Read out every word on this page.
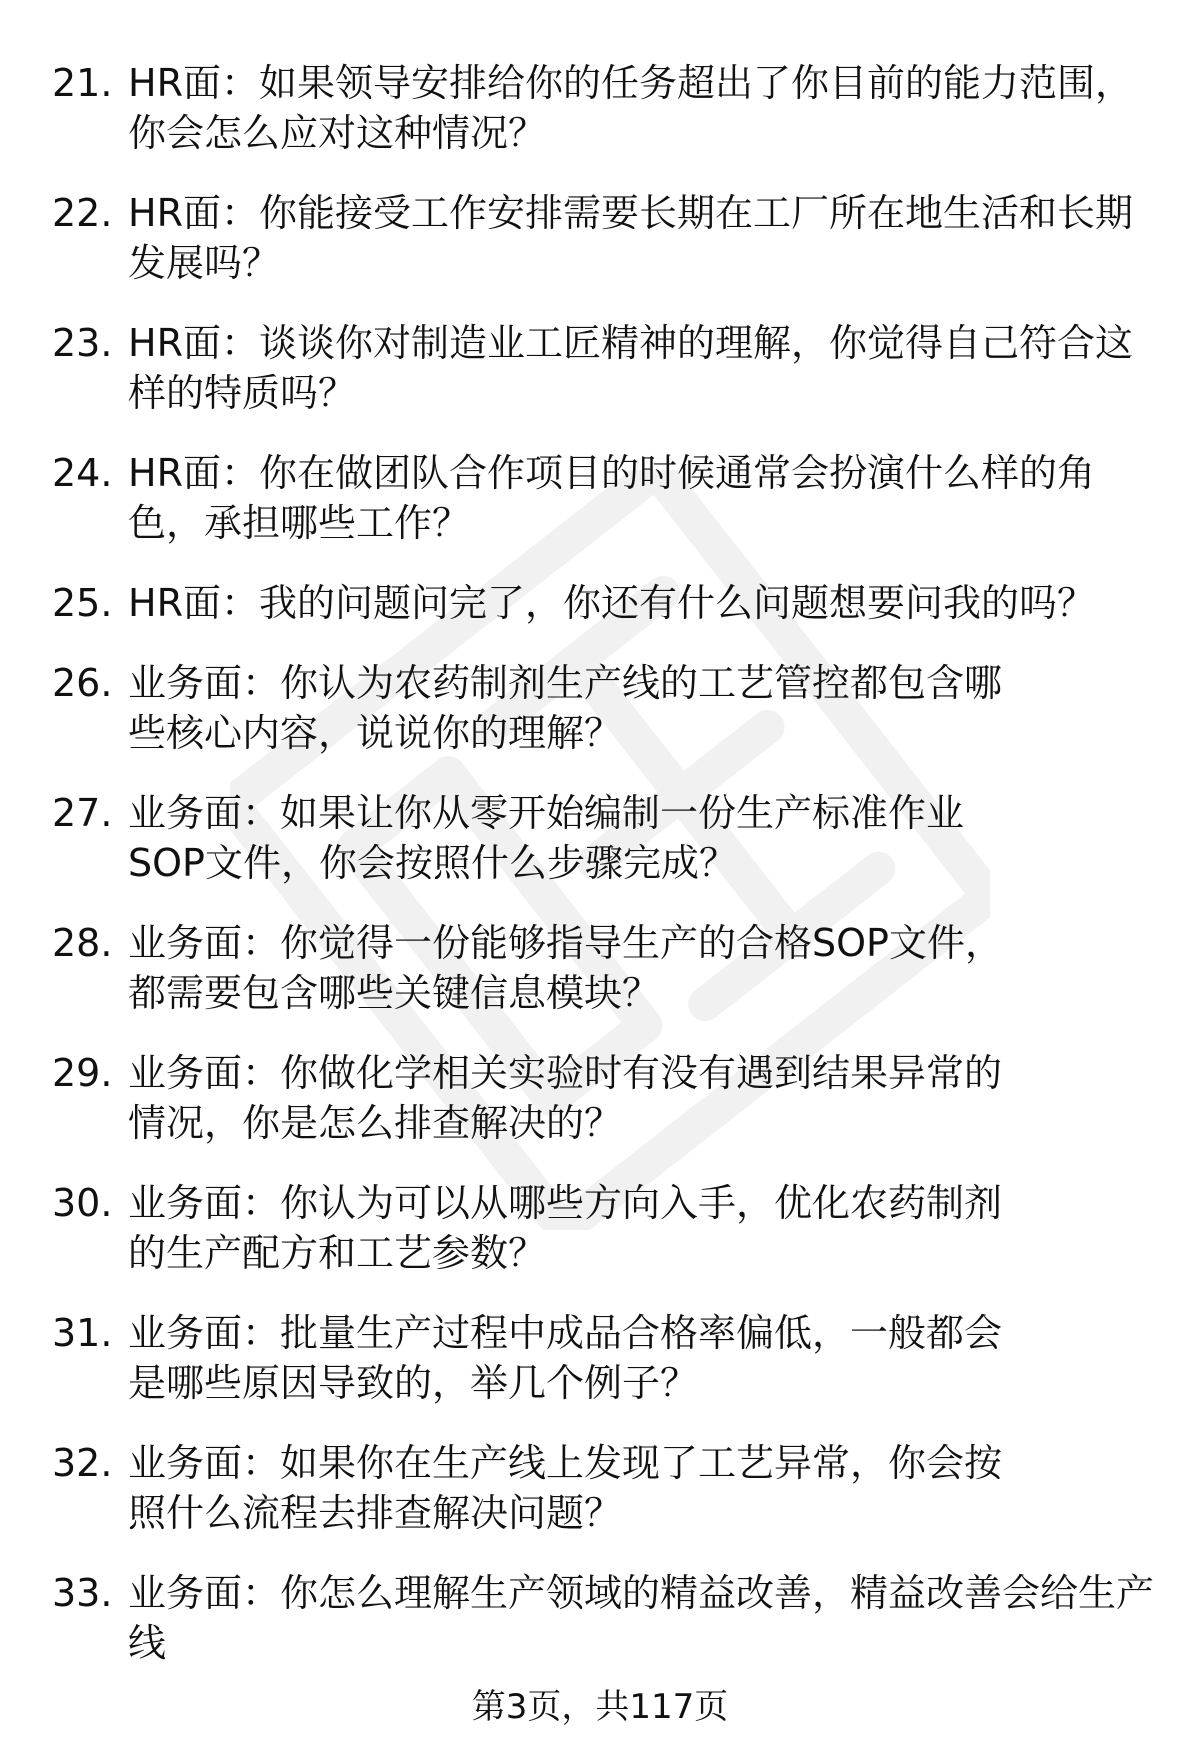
21. HR面：如果领导安排给你的任务超出了你目前的能力范围，你会怎么应对这种情况？
22. HR面：你能接受工作安排需要长期在工厂所在地生活和长期发展吗？
23. HR面：谈谈你对制造业工匠精神的理解，你觉得自己符合这样的特质吗？
24. HR面：你在做团队合作项目的时候通常会扮演什么样的角色，承担哪些工作？
25. HR面：我的问题问完了，你还有什么问题想要问我的吗？
26. 业务面：你认为农药制剂生产线的工艺管控都包含哪些核心内容，说说你的理解？
27. 业务面：如果让你从零开始编制一份生产标准作业SOP文件，你会按照什么步骤完成？
28. 业务面：你觉得一份能够指导生产的合格SOP文件，都需要包含哪些关键信息模块？
29. 业务面：你做化学相关实验时有没有遇到结果异常的情况，你是怎么排查解决的？
30. 业务面：你认为可以从哪些方向入手，优化农药制剂的生产配方和工艺参数？
31. 业务面：批量生产过程中成品合格率偏低，一般都会是哪些原因导致的，举几个例子？
32. 业务面：如果你在生产线上发现了工艺异常，你会按照什么流程去排查解决问题？
33. 业务面：你怎么理解生产领域的精益改善，精益改善会给生产线
第3页，共117页
